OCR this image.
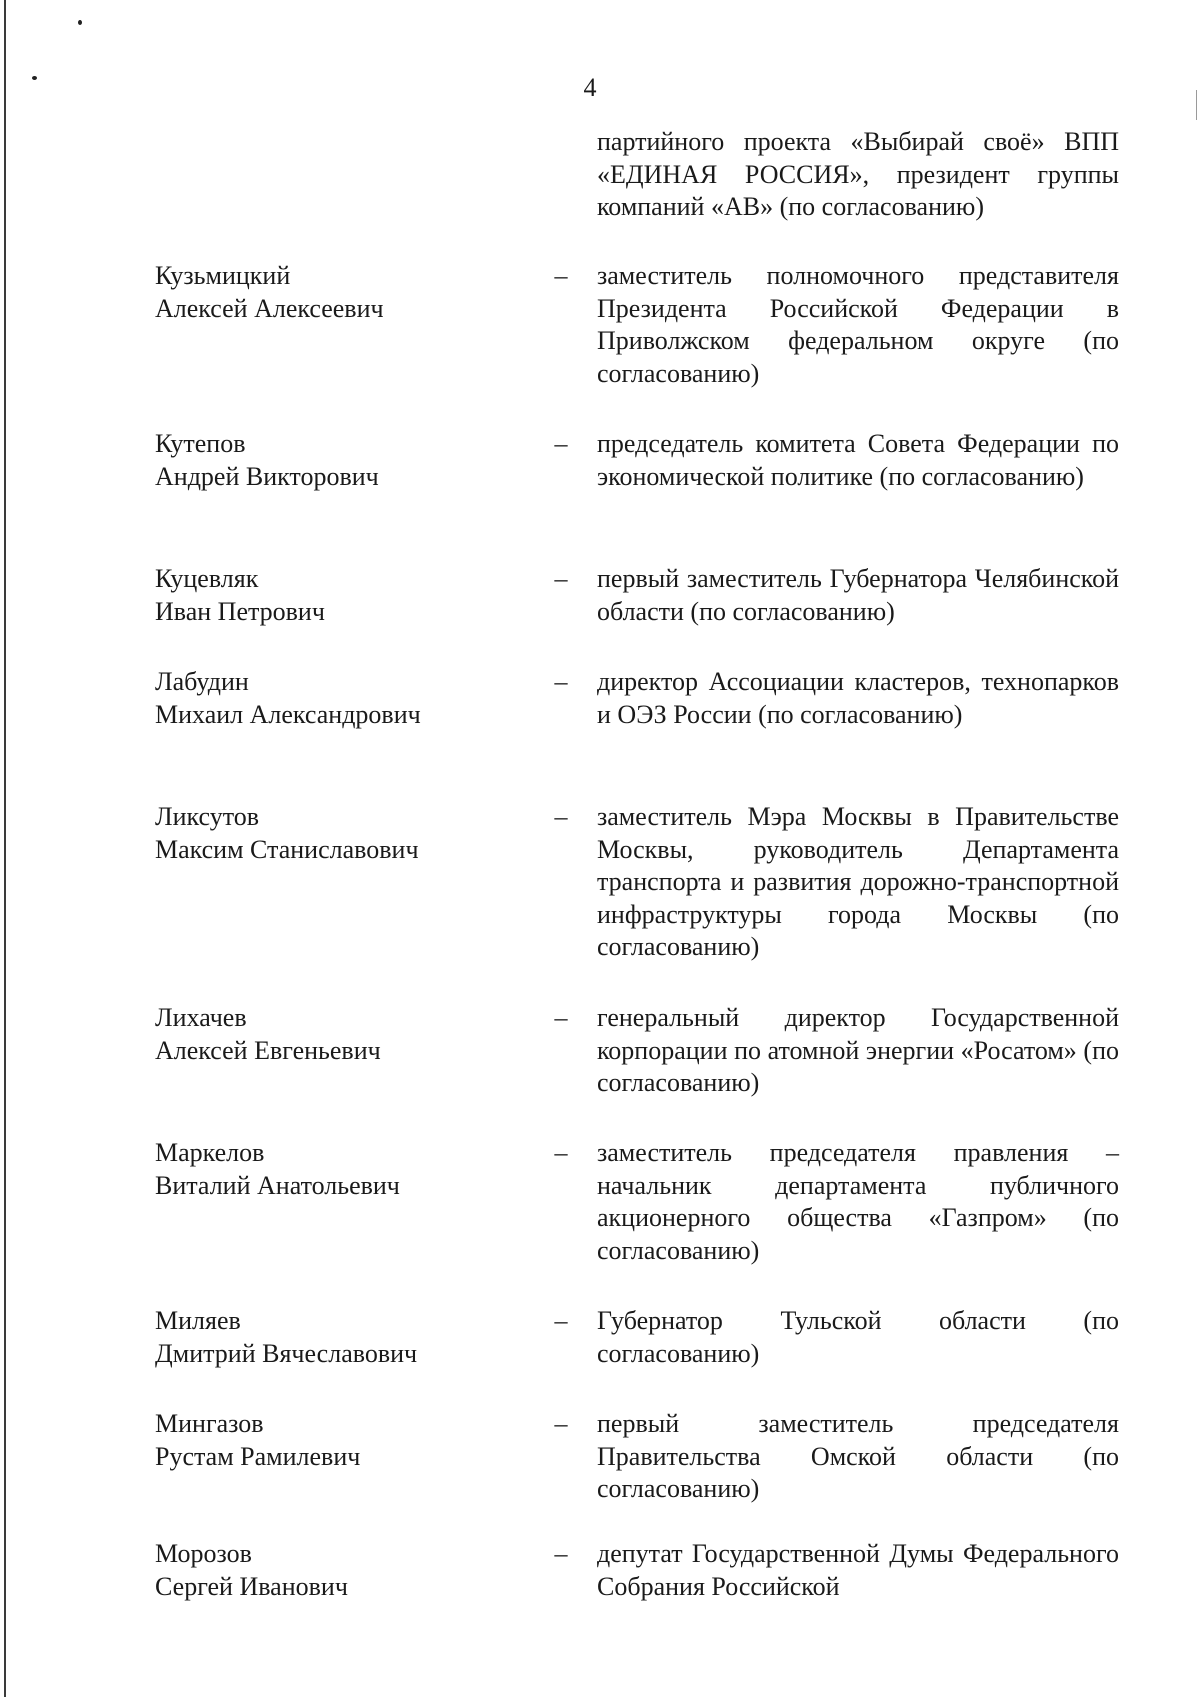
4
партийного проекта «Выбирай своё» ВПП «ЕДИНАЯ РОССИЯ», президент группы компаний «АВ» (по согласованию)
Кузьмицкий
Алексей Алексеевич
– заместитель полномочного представителя Президента Российской Федерации в Приволжском федеральном округе (по согласованию)
Кутепов
Андрей Викторович
– председатель комитета Совета Федерации по экономической политике (по согласованию)
Куцевляк
Иван Петрович
– первый заместитель Губернатора Челябинской области (по согласованию)
Лабудин
Михаил Александрович
– директор Ассоциации кластеров, технопарков и ОЭЗ России (по согласованию)
Ликсутов
Максим Станиславович
– заместитель Мэра Москвы в Правительстве Москвы, руководитель Департамента транспорта и развития дорожно-транспортной инфраструктуры города Москвы (по согласованию)
Лихачев
Алексей Евгеньевич
– генеральный директор Государственной корпорации по атомной энергии «Росатом» (по согласованию)
Маркелов
Виталий Анатольевич
– заместитель председателя правления – начальник департамента публичного акционерного общества «Газпром» (по согласованию)
Миляев
Дмитрий Вячеславович
– Губернатор Тульской области (по согласованию)
Мингазов
Рустам Рамилевич
– первый заместитель председателя Правительства Омской области (по согласованию)
Морозов
Сергей Иванович
– депутат Государственной Думы Федерального Собрания Российской
